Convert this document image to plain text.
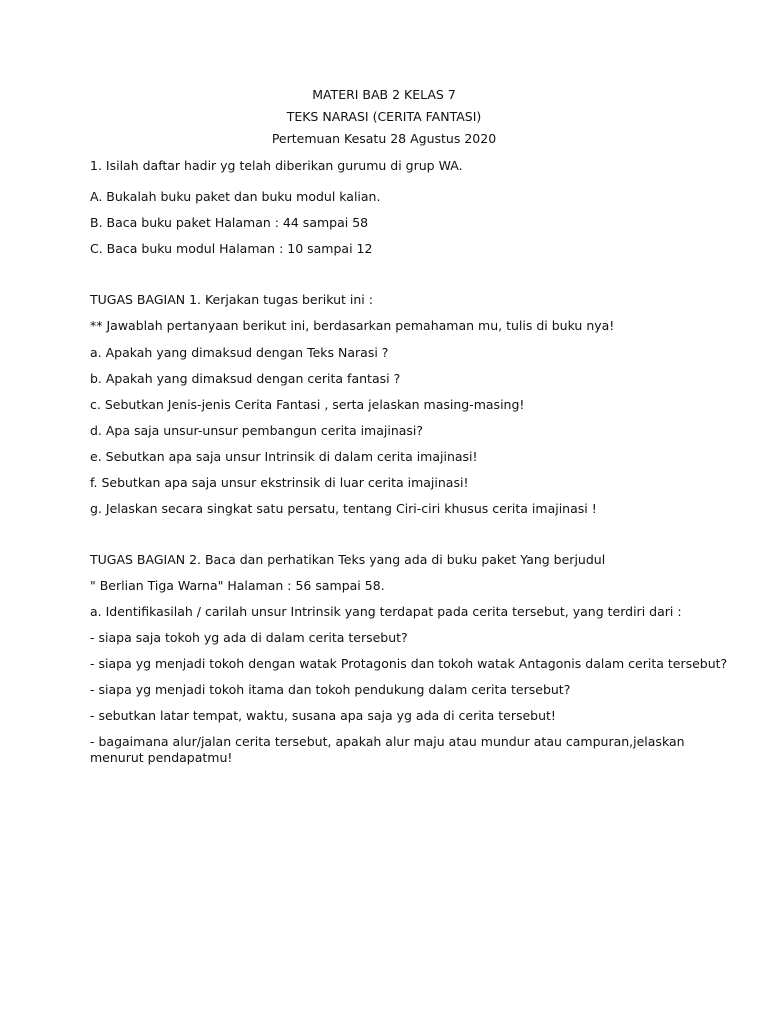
MATERI BAB 2 KELAS 7
TEKS NARASI (CERITA FANTASI)
Pertemuan Kesatu 28 Agustus 2020
1. Isilah daftar hadir yg telah diberikan gurumu di grup WA.
A. Bukalah buku paket dan buku modul kalian.
B. Baca buku paket Halaman : 44 sampai 58
C. Baca buku modul Halaman : 10 sampai 12
TUGAS BAGIAN 1. Kerjakan tugas berikut ini :
** Jawablah pertanyaan berikut ini, berdasarkan pemahaman mu, tulis di buku nya!
a. Apakah yang dimaksud dengan Teks Narasi ?
b. Apakah yang dimaksud dengan cerita fantasi ?
c. Sebutkan Jenis-jenis Cerita Fantasi , serta jelaskan masing-masing!
d. Apa saja unsur-unsur pembangun cerita imajinasi?
e. Sebutkan apa saja unsur Intrinsik di dalam cerita imajinasi!
f. Sebutkan apa saja unsur ekstrinsik di luar cerita imajinasi!
g. Jelaskan secara singkat satu persatu, tentang Ciri-ciri khusus cerita imajinasi !
TUGAS BAGIAN 2. Baca dan perhatikan Teks yang ada di buku paket Yang berjudul
" Berlian Tiga Warna" Halaman : 56 sampai 58.
a. Identifikasilah / carilah unsur Intrinsik yang terdapat pada cerita tersebut, yang terdiri dari :
- siapa saja tokoh yg ada di dalam cerita tersebut?
- siapa yg menjadi tokoh dengan watak Protagonis dan tokoh watak Antagonis dalam cerita tersebut?
- siapa yg menjadi tokoh itama dan tokoh pendukung dalam cerita tersebut?
- sebutkan latar tempat, waktu, susana apa saja yg ada di cerita tersebut!
- bagaimana alur/jalan cerita tersebut, apakah alur maju atau mundur atau campuran,jelaskan menurut pendapatmu!
